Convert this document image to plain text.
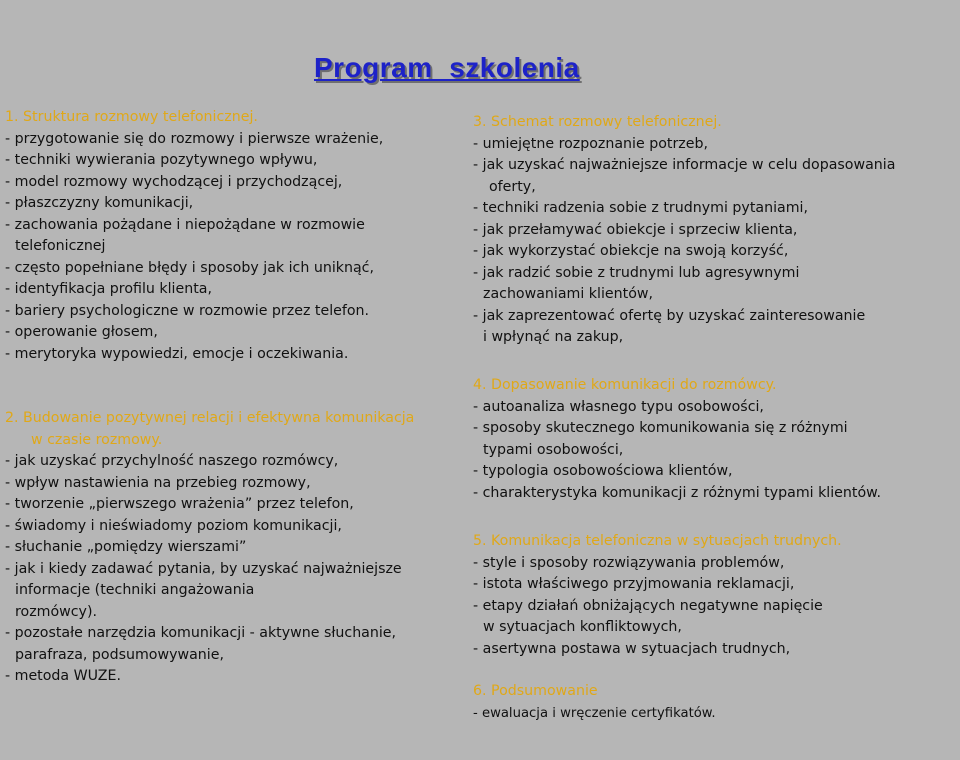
Program  szkolenia
1. Struktura rozmowy telefonicznej.
- przygotowanie się do rozmowy i pierwsze wrażenie,
- techniki wywierania pozytywnego wpływu,
- model rozmowy wychodzącej i przychodzącej,
- płaszczyzny komunikacji,
- zachowania pożądane i niepożądane w rozmowie
telefonicznej
- często popełniane błędy i sposoby jak ich uniknąć,
- identyfikacja profilu klienta,
- bariery psychologiczne w rozmowie przez telefon.
- operowanie głosem,
- merytoryka wypowiedzi, emocje i oczekiwania.
2. Budowanie pozytywnej relacji i efektywna komunikacja
w czasie rozmowy.
- jak uzyskać przychylność naszego rozmówcy,
- wpływ nastawienia na przebieg rozmowy,
- tworzenie „pierwszego wrażenia” przez telefon,
- świadomy i nieświadomy poziom komunikacji,
- słuchanie „pomiędzy wierszami”
- jak i kiedy zadawać pytania, by uzyskać najważniejsze
informacje (techniki angażowania
rozmówcy).
- pozostałe narzędzia komunikacji - aktywne słuchanie,
parafraza, podsumowywanie,
- metoda WUZE.
3. Schemat rozmowy telefonicznej.
- umiejętne rozpoznanie potrzeb,
- jak uzyskać najważniejsze informacje w celu dopasowania
oferty,
- techniki radzenia sobie z trudnymi pytaniami,
- jak przełamywać obiekcje i sprzeciw klienta,
- jak wykorzystać obiekcje na swoją korzyść,
- jak radzić sobie z trudnymi lub agresywnymi
zachowaniami klientów,
- jak zaprezentować ofertę by uzyskać zainteresowanie
i wpłynąć na zakup,
4. Dopasowanie komunikacji do rozmówcy.
- autoanaliza własnego typu osobowości,
- sposoby skutecznego komunikowania się z różnymi
typami osobowości,
- typologia osobowościowa klientów,
- charakterystyka komunikacji z różnymi typami klientów.
5. Komunikacja telefoniczna w sytuacjach trudnych.
- style i sposoby rozwiązywania problemów,
- istota właściwego przyjmowania reklamacji,
- etapy działań obniżających negatywne napięcie
w sytuacjach konfliktowych,
- asertywna postawa w sytuacjach trudnych,
6. Podsumowanie
- ewaluacja i wręczenie certyfikatów.
